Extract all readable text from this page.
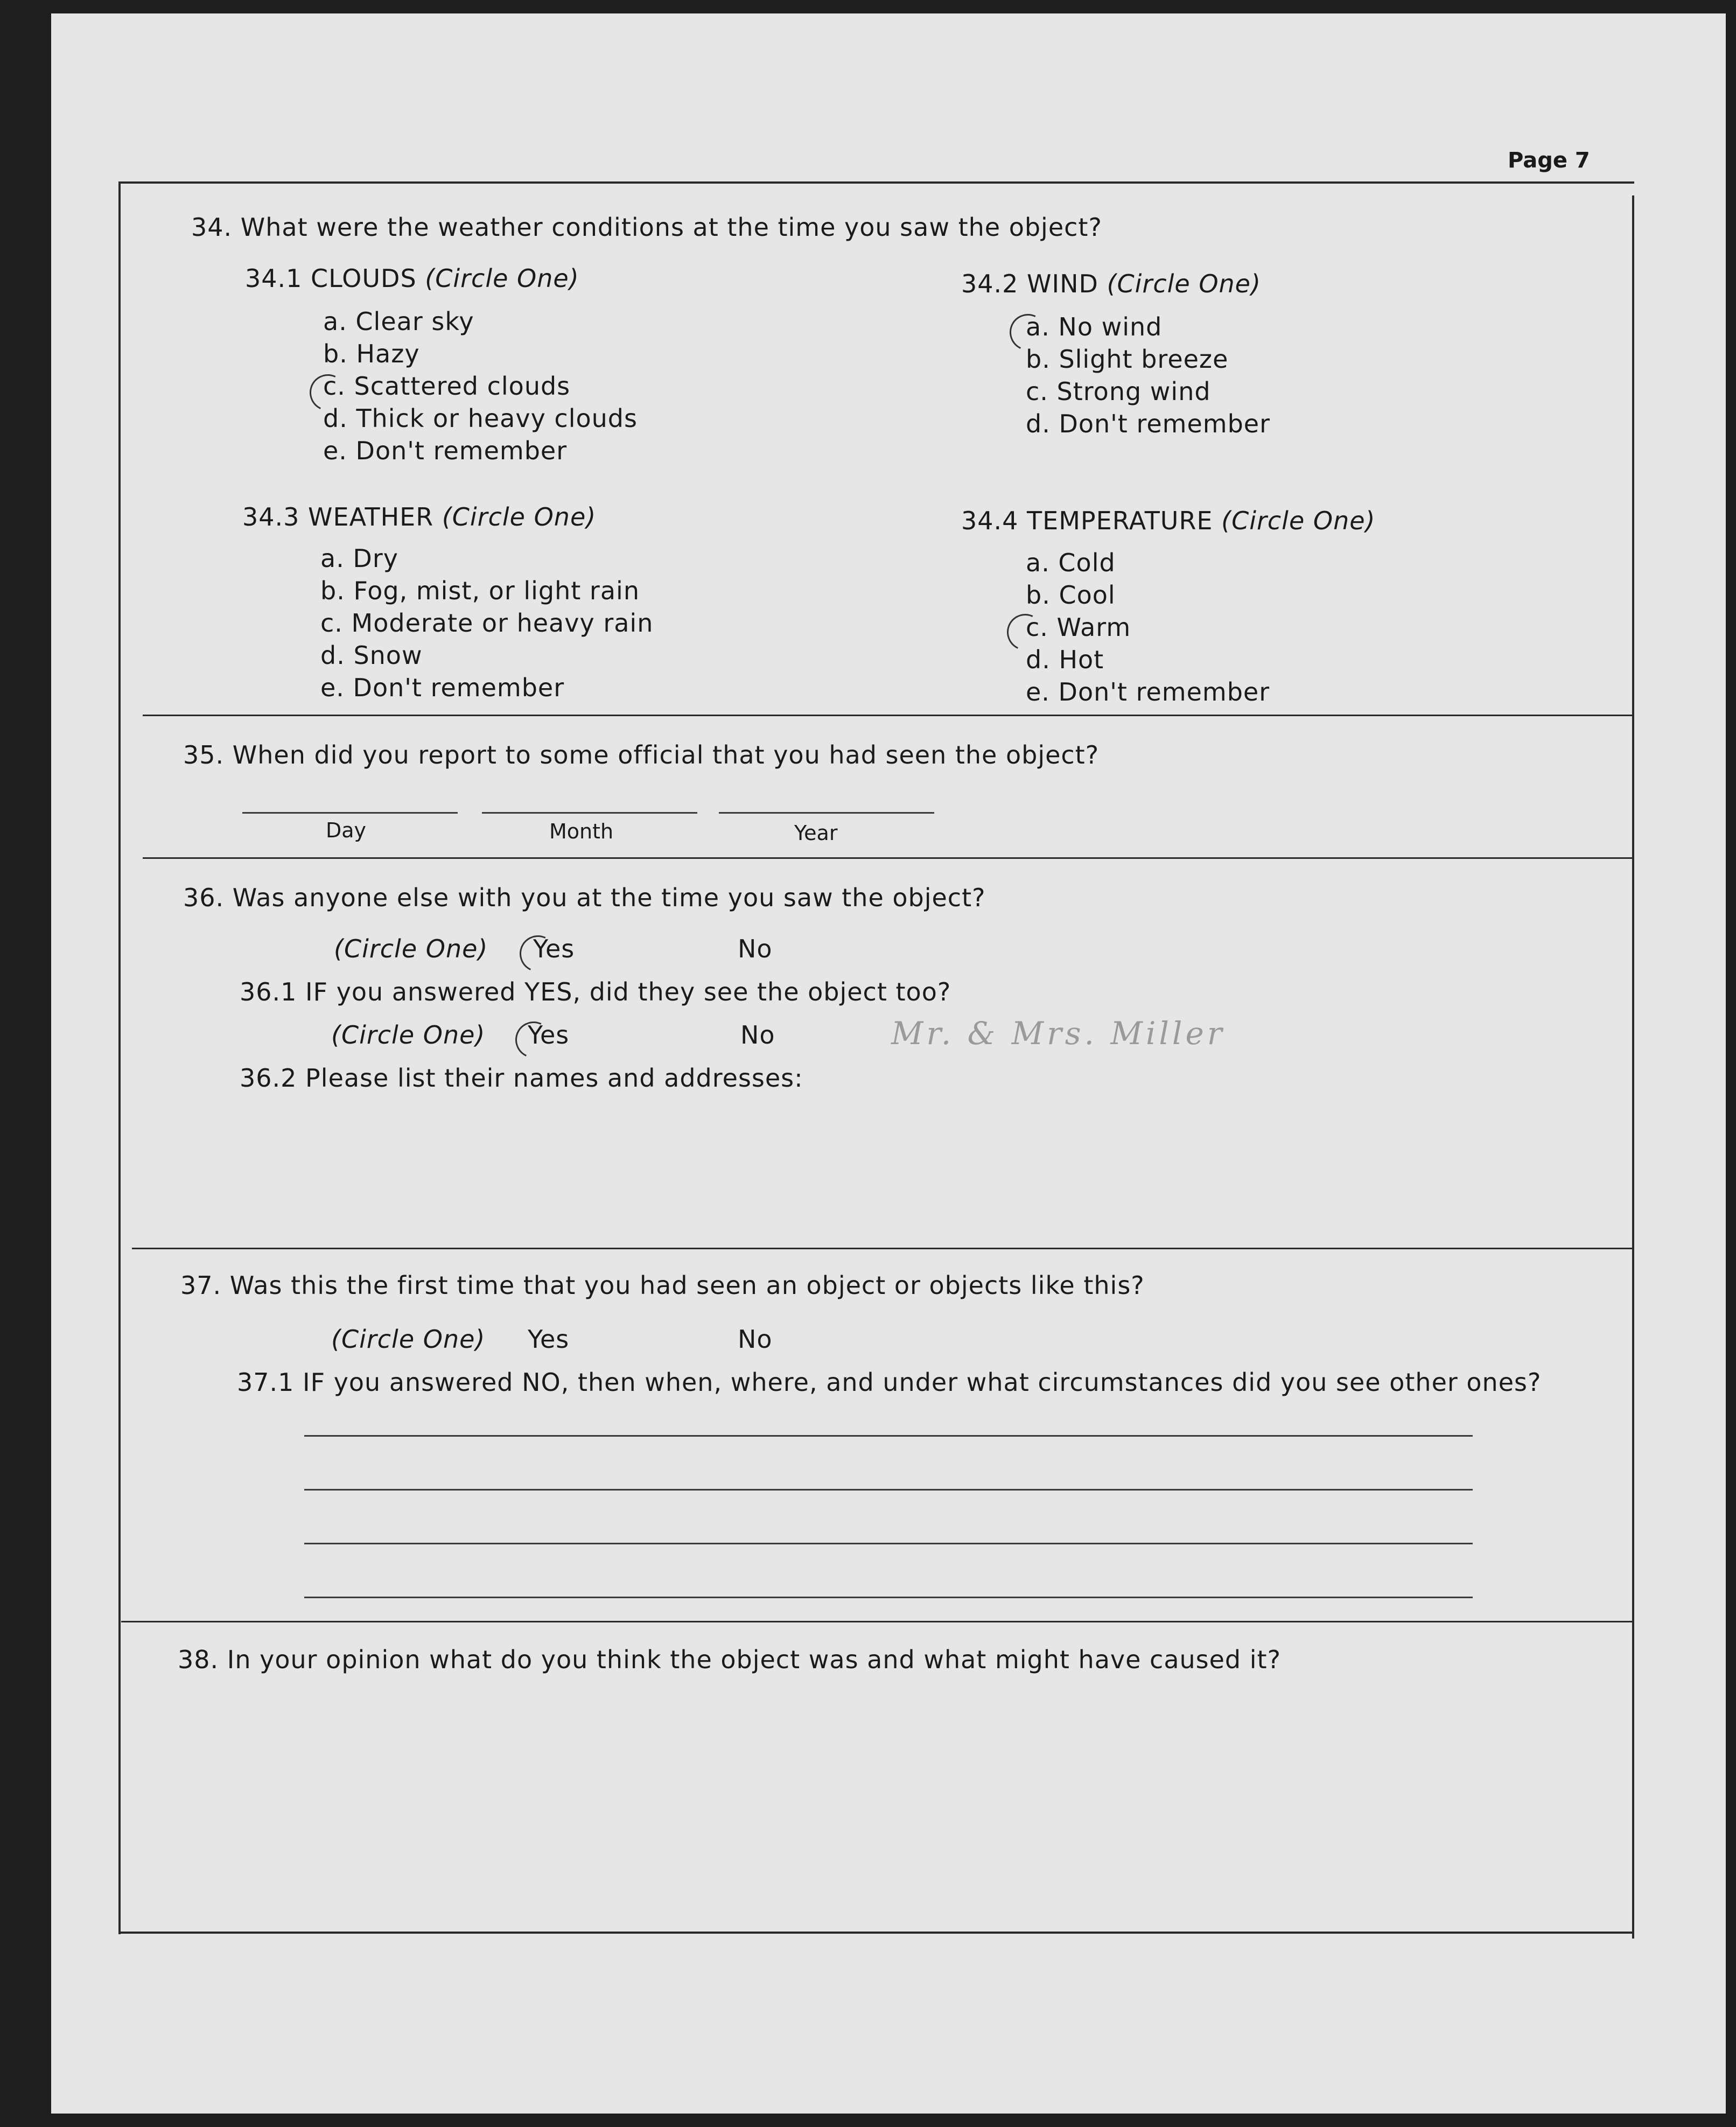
Page 7
34. What were the weather conditions at the time you saw the object?
34.1 CLOUDS (Circle One)
a. Clear sky
b. Hazy
c. Scattered clouds
d. Thick or heavy clouds
e. Don't remember
34.2 WIND (Circle One)
a. No wind
b. Slight breeze
c. Strong wind
d. Don't remember
34.3 WEATHER (Circle One)
a. Dry
b. Fog, mist, or light rain
c. Moderate or heavy rain
d. Snow
e. Don't remember
34.4 TEMPERATURE (Circle One)
a. Cold
b. Cool
c. Warm
d. Hot
e. Don't remember
35. When did you report to some official that you had seen the object?
Day	Month	Year
36. Was anyone else with you at the time you saw the object?
(Circle One) Yes	No
36.1 IF you answered YES, did they see the object too?
(Circle One) Yes	No	Mr. & Mrs. Miller
36.2 Please list their names and addresses:
37. Was this the first time that you had seen an object or objects like this?
(Circle One) Yes	No
37.1 IF you answered NO, then when, where, and under what circumstances did you see other ones?
38. In your opinion what do you think the object was and what might have caused it?
